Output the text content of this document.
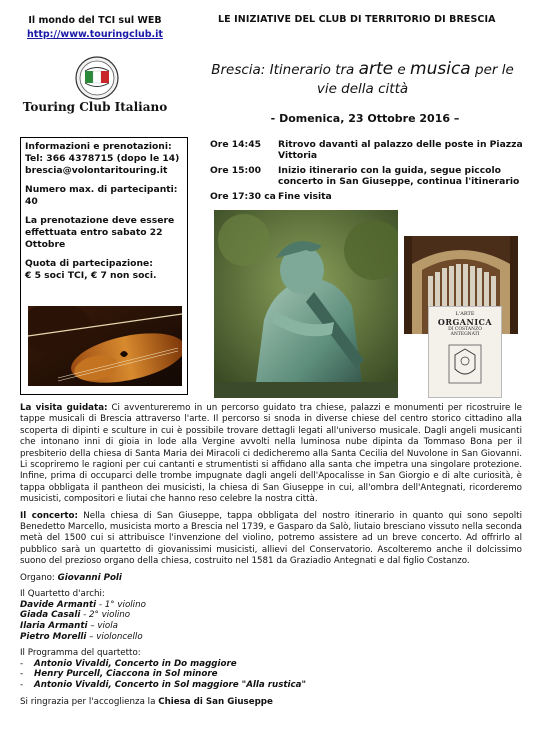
Il mondo del TCI sul WEB
http://www.touringclub.it
Touring Club Italiano
LE INIZIATIVE DEL CLUB DI TERRITORIO DI BRESCIA
Brescia: Itinerario tra arte e musica per le
vie della città
- Domenica, 23 Ottobre 2016 –

Informazioni e prenotazioni:
Tel: 366 4378715 (dopo le 14)
brescia@volontaritouring.it

Numero max. di partecipanti:
40

La prenotazione deve essere
effettuata entro sabato 22
Ottobre

Quota di partecipazione:
€ 5 soci TCI, € 7 non soci.

Ore 14:45 Ritrovo davanti al palazzo delle poste in Piazza Vittoria
Ore 15:00 Inizio itinerario con la guida, segue piccolo concerto in San Giuseppe, continua l'itinerario
Ore 17:30 ca Fine visita
L'ARTE
ORGANICA
DI COSTANZO
ANTEGNATI

La visita guidata: Ci avventureremo in un percorso guidato tra chiese, palazzi e monumenti per ricostruire le tappe musicali di Brescia attraverso l'arte. Il percorso si snoda in diverse chiese del centro storico cittadino alla scoperta di dipinti e sculture in cui è possibile trovare dettagli legati all'universo musicale. Dagli angeli musicanti che intonano inni di gioia in lode alla Vergine avvolti nella luminosa nube dipinta da Tommaso Bona per il presbiterio della chiesa di Santa Maria dei Miracoli ci dedicheremo alla Santa Cecilia del Nuvolone in San Giovanni. Li scopriremo le ragioni per cui cantanti e strumentisti si affidano alla santa che impetra una singolare protezione. Infine, prima di occuparci delle trombe impugnate dagli angeli dell'Apocalisse in San Giorgio e di alte curiosità, è tappa obbligata il pantheon dei musicisti, la chiesa di San Giuseppe in cui, all'ombra dell'Antegnati, ricorderemo musicisti, compositori e liutai che hanno reso celebre la nostra città.

Il concerto: Nella chiesa di San Giuseppe, tappa obbligata del nostro itinerario in quanto qui sono sepolti Benedetto Marcello, musicista morto a Brescia nel 1739, e Gasparo da Salò, liutaio bresciano vissuto nella seconda metà del 1500 cui si attribuisce l'invenzione del violino, potremo assistere ad un breve concerto. Ad offrirlo al pubblico sarà un quartetto di giovanissimi musicisti, allievi del Conservatorio. Ascolteremo anche il dolcissimo suono del prezioso organo della chiesa, costruito nel 1581 da Graziadio Antegnati e dal figlio Costanzo.

Organo: Giovanni Poli
Il Quartetto d'archi:
Davide Armanti - 1° violino
Giada Casali - 2° violino
Ilaria Armanti – viola
Pietro Morelli – violoncello
Il Programma del quartetto:
- Antonio Vivaldi, Concerto in Do maggiore
- Henry Purcell, Ciaccona in Sol minore
- Antonio Vivaldi, Concerto in Sol maggiore "Alla rustica"
Si ringrazia per l'accoglienza la Chiesa di San Giuseppe
